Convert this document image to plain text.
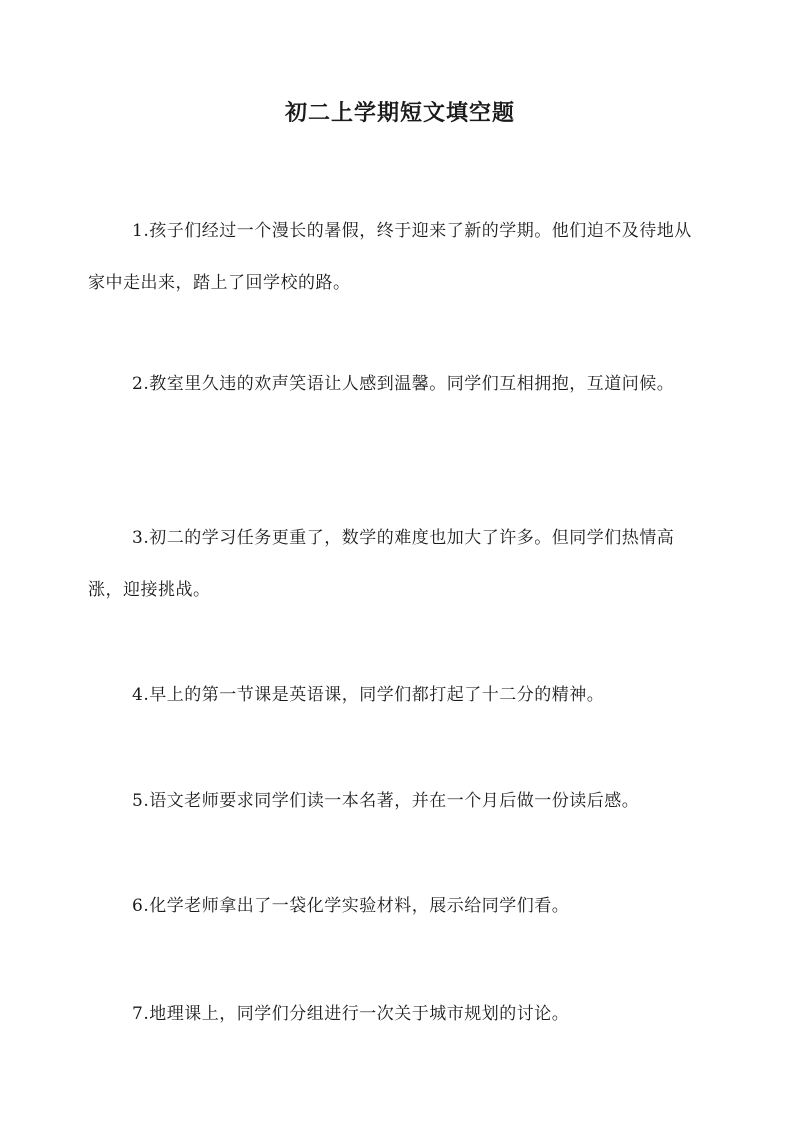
初二上学期短文填空题

1.孩子们经过一个漫长的暑假，终于迎来了新的学期。他们迫不及待地从家中走出来，踏上了回学校的路。

2.教室里久违的欢声笑语让人感到温馨。同学们互相拥抱，互道问候。

3.初二的学习任务更重了，数学的难度也加大了许多。但同学们热情高涨，迎接挑战。

4.早上的第一节课是英语课，同学们都打起了十二分的精神。

5.语文老师要求同学们读一本名著，并在一个月后做一份读后感。

6.化学老师拿出了一袋化学实验材料，展示给同学们看。

7.地理课上，同学们分组进行一次关于城市规划的讨论。
